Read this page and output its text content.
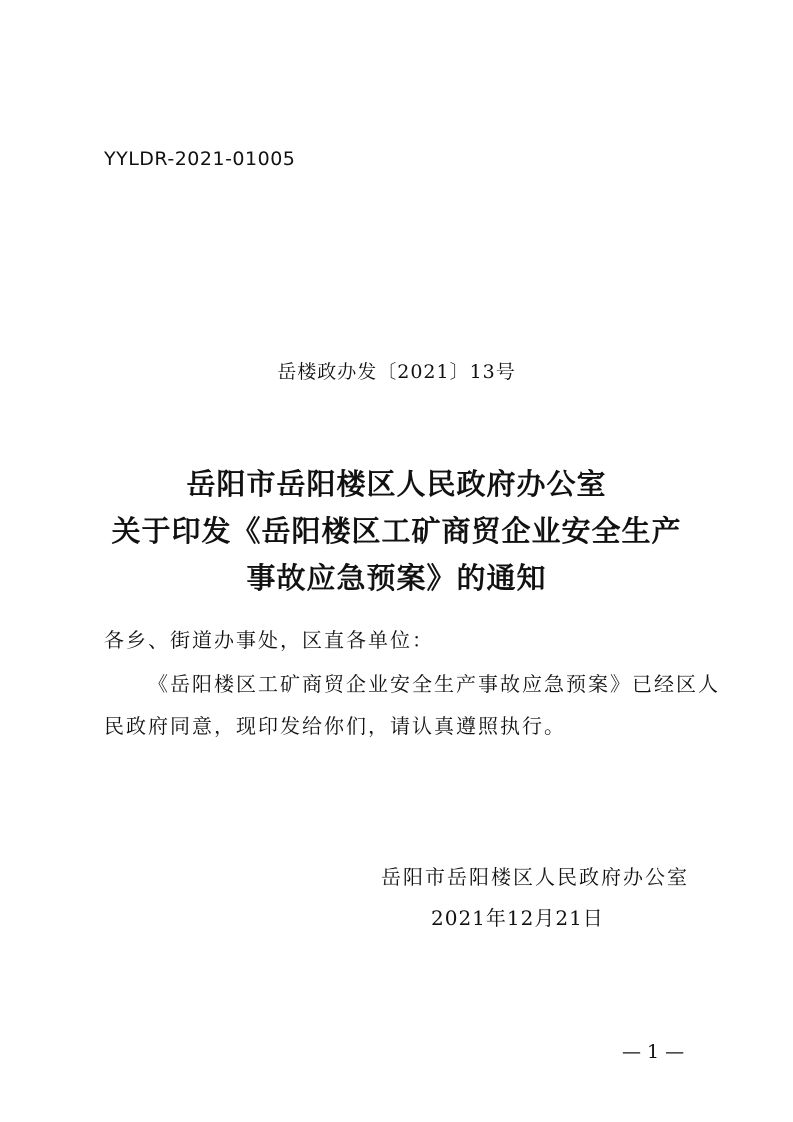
YYLDR-2021-01005
岳楼政办发〔2021〕13号
岳阳市岳阳楼区人民政府办公室
关于印发《岳阳楼区工矿商贸企业安全生产
事故应急预案》的通知
各乡、街道办事处，区直各单位：
《岳阳楼区工矿商贸企业安全生产事故应急预案》已经区人
民政府同意，现印发给你们，请认真遵照执行。
岳阳市岳阳楼区人民政府办公室
2021年12月21日
—1—
